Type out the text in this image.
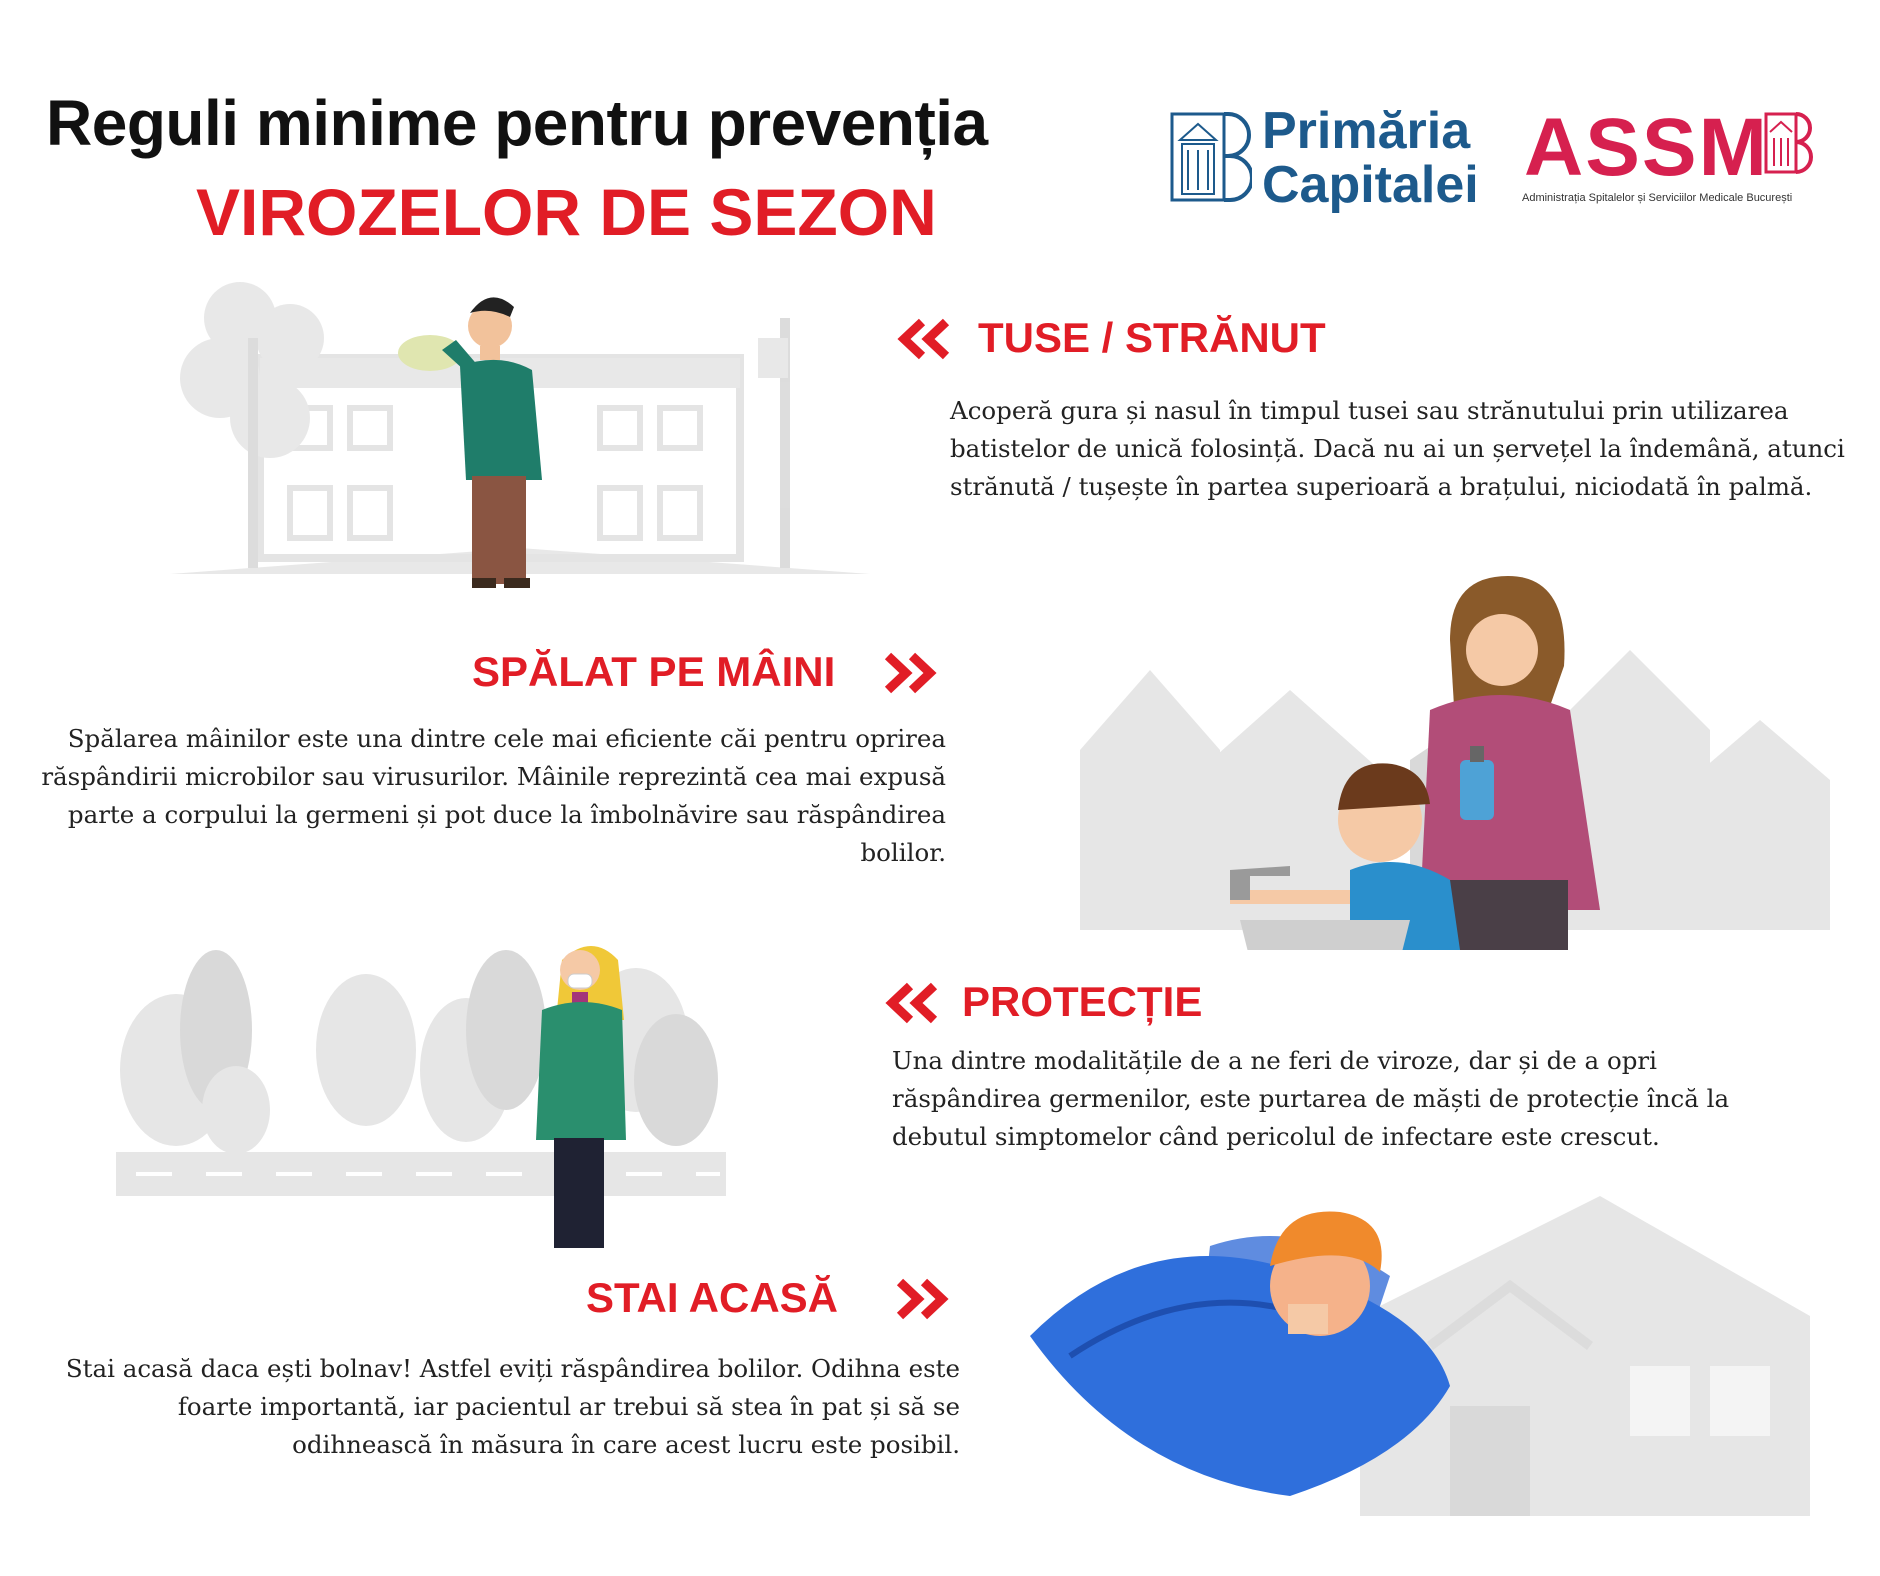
Reguli minime pentru prevenția
VIROZELOR DE SEZON
Primăria
Capitalei ASSM
Administrația Spitalelor și Serviciilor Medicale București
TUSE / STRĂNUT
Acoperă gura și nasul în timpul tusei sau strănutului prin utilizarea batistelor de unică folosință. Dacă nu ai un șervețel la îndemână, atunci strănută / tușește în partea superioară a brațului, niciodată în palmă.
SPĂLAT PE MÂINI
Spălarea mâinilor este una dintre cele mai eficiente căi pentru oprirea răspândirii microbilor sau virusurilor. Mâinile reprezintă cea mai expusă parte a corpului la germeni și pot duce la îmbolnăvire sau răspândirea bolilor.
PROTECȚIE
Una dintre modalitățile de a ne feri de viroze, dar și de a opri răspândirea germenilor, este purtarea de măști de protecție încă la debutul simptomelor când pericolul de infectare este crescut.
STAI ACASĂ
Stai acasă daca ești bolnav! Astfel eviți răspândirea bolilor. Odihna este foarte importantă, iar pacientul ar trebui să stea în pat și să se odihnească în măsura în care acest lucru este posibil.
